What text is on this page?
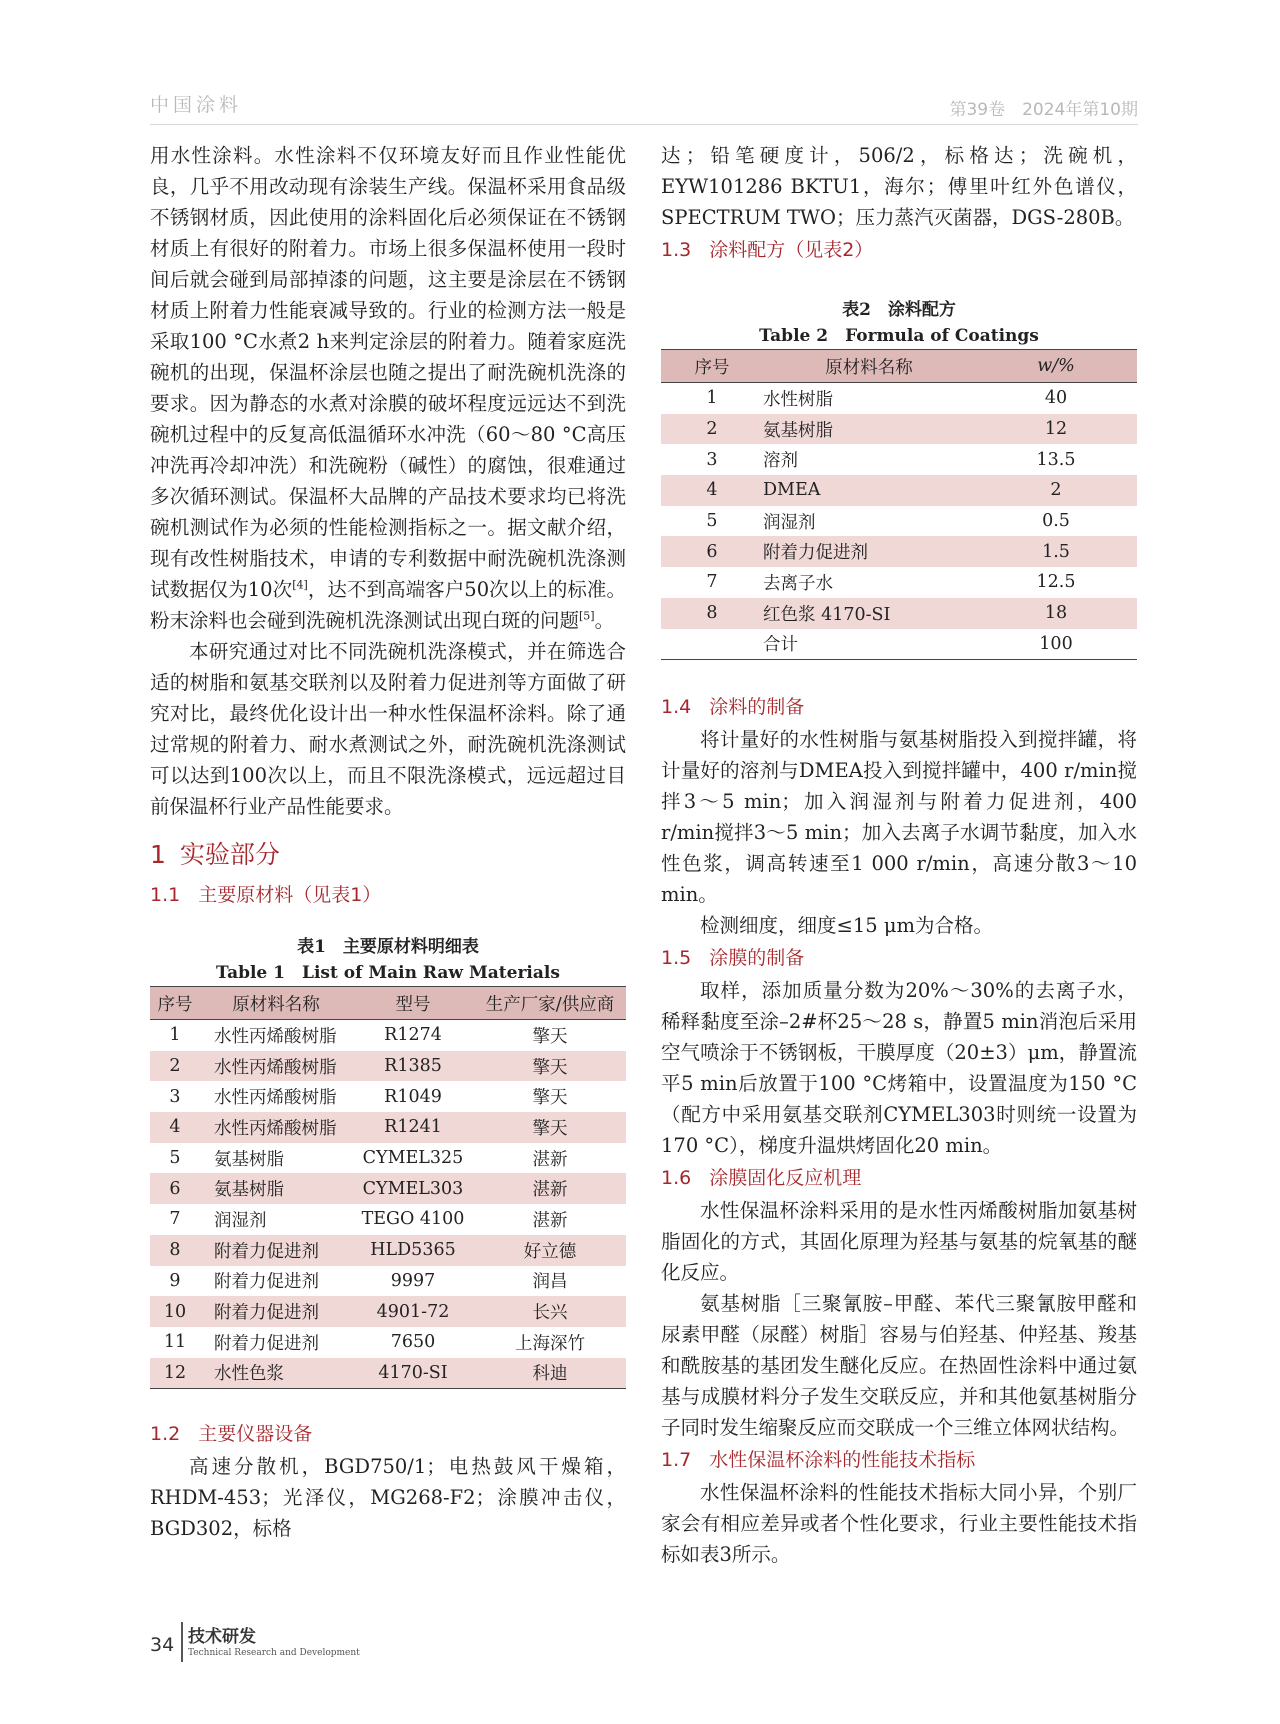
中国涂料	第39卷　2024年第10期

用水性涂料。水性涂料不仅环境友好而且作业性能优良，几乎不用改动现有涂装生产线。保温杯采用食品级不锈钢材质，因此使用的涂料固化后必须保证在不锈钢材质上有很好的附着力。市场上很多保温杯使用一段时间后就会碰到局部掉漆的问题，这主要是涂层在不锈钢材质上附着力性能衰减导致的。行业的检测方法一般是采取100 °C水煮2 h来判定涂层的附着力。随着家庭洗碗机的出现，保温杯涂层也随之提出了耐洗碗机洗涤的要求。因为静态的水煮对涂膜的破坏程度远远达不到洗碗机过程中的反复高低温循环水冲洗（60～80 °C高压冲洗再冷却冲洗）和洗碗粉（碱性）的腐蚀，很难通过多次循环测试。保温杯大品牌的产品技术要求均已将洗碗机测试作为必须的性能检测指标之一。据文献介绍，现有改性树脂技术，申请的专利数据中耐洗碗机洗涤测试数据仅为10次[4]，达不到高端客户50次以上的标准。粉末涂料也会碰到洗碗机洗涤测试出现白斑的问题[5]。

本研究通过对比不同洗碗机洗涤模式，并在筛选合适的树脂和氨基交联剂以及附着力促进剂等方面做了研究对比，最终优化设计出一种水性保温杯涂料。除了通过常规的附着力、耐水煮测试之外，耐洗碗机洗涤测试可以达到100次以上，而且不限洗涤模式，远远超过目前保温杯行业产品性能要求。

1 实验部分
1.1 主要原材料（见表1）

表1　主要原材料明细表

Table 1　List of Main Raw Materials

序号	原材料名称	型号	生产厂家/供应商
1	水性丙烯酸树脂	R1274	擎天
2	水性丙烯酸树脂	R1385	擎天
3	水性丙烯酸树脂	R1049	擎天
4	水性丙烯酸树脂	R1241	擎天
5	氨基树脂	CYMEL325	湛新
6	氨基树脂	CYMEL303	湛新
7	润湿剂	TEGO 4100	湛新
8	附着力促进剂	HLD5365	好立德
9	附着力促进剂	9997	润昌
10	附着力促进剂	4901-72	长兴
11	附着力促进剂	7650	上海深竹
12	水性色浆	4170-SI	科迪
1.2 主要仪器设备

高速分散机，BGD750/1；电热鼓风干燥箱，RHDM-453；光泽仪，MG268-F2；涂膜冲击仪，BGD302，标格

达；铅笔硬度计，506/2，标格达；洗碗机，EYW101286 BKTU1，海尔；傅里叶红外色谱仪，SPECTRUM TWO；压力蒸汽灭菌器，DGS-280B。

1.3 涂料配方（见表2）

表2　涂料配方

Table 2　Formula of Coatings

序号	原材料名称	w/%
1	水性树脂	40
2	氨基树脂	12
3	溶剂	13.5
4	DMEA	2
5	润湿剂	0.5
6	附着力促进剂	1.5
7	去离子水	12.5
8	红色浆 4170-SI	18
	合计	100
1.4 涂料的制备

将计量好的水性树脂与氨基树脂投入到搅拌罐，将计量好的溶剂与DMEA投入到搅拌罐中，400 r/min搅拌3～5 min；加入润湿剂与附着力促进剂，400 r/min搅拌3～5 min；加入去离子水调节黏度，加入水性色浆，调高转速至1 000 r/min，高速分散3～10 min。

检测细度，细度≤15 μm为合格。

1.5 涂膜的制备

取样，添加质量分数为20%～30%的去离子水，稀释黏度至涂–2#杯25～28 s，静置5 min消泡后采用空气喷涂于不锈钢板，干膜厚度（20±3）μm，静置流平5 min后放置于100 °C烤箱中，设置温度为150 °C（配方中采用氨基交联剂CYMEL303时则统一设置为170 °C），梯度升温烘烤固化20 min。

1.6 涂膜固化反应机理

水性保温杯涂料采用的是水性丙烯酸树脂加氨基树脂固化的方式，其固化原理为羟基与氨基的烷氧基的醚化反应。

氨基树脂［三聚氰胺–甲醛、苯代三聚氰胺甲醛和尿素甲醛（尿醛）树脂］容易与伯羟基、仲羟基、羧基和酰胺基的基团发生醚化反应。在热固性涂料中通过氨基与成膜材料分子发生交联反应，并和其他氨基树脂分子同时发生缩聚反应而交联成一个三维立体网状结构。

1.7 水性保温杯涂料的性能技术指标

水性保温杯涂料的性能技术指标大同小异，个别厂家会有相应差异或者个性化要求，行业主要性能技术指标如表3所示。

34 技术研发
Technical Research and Development
